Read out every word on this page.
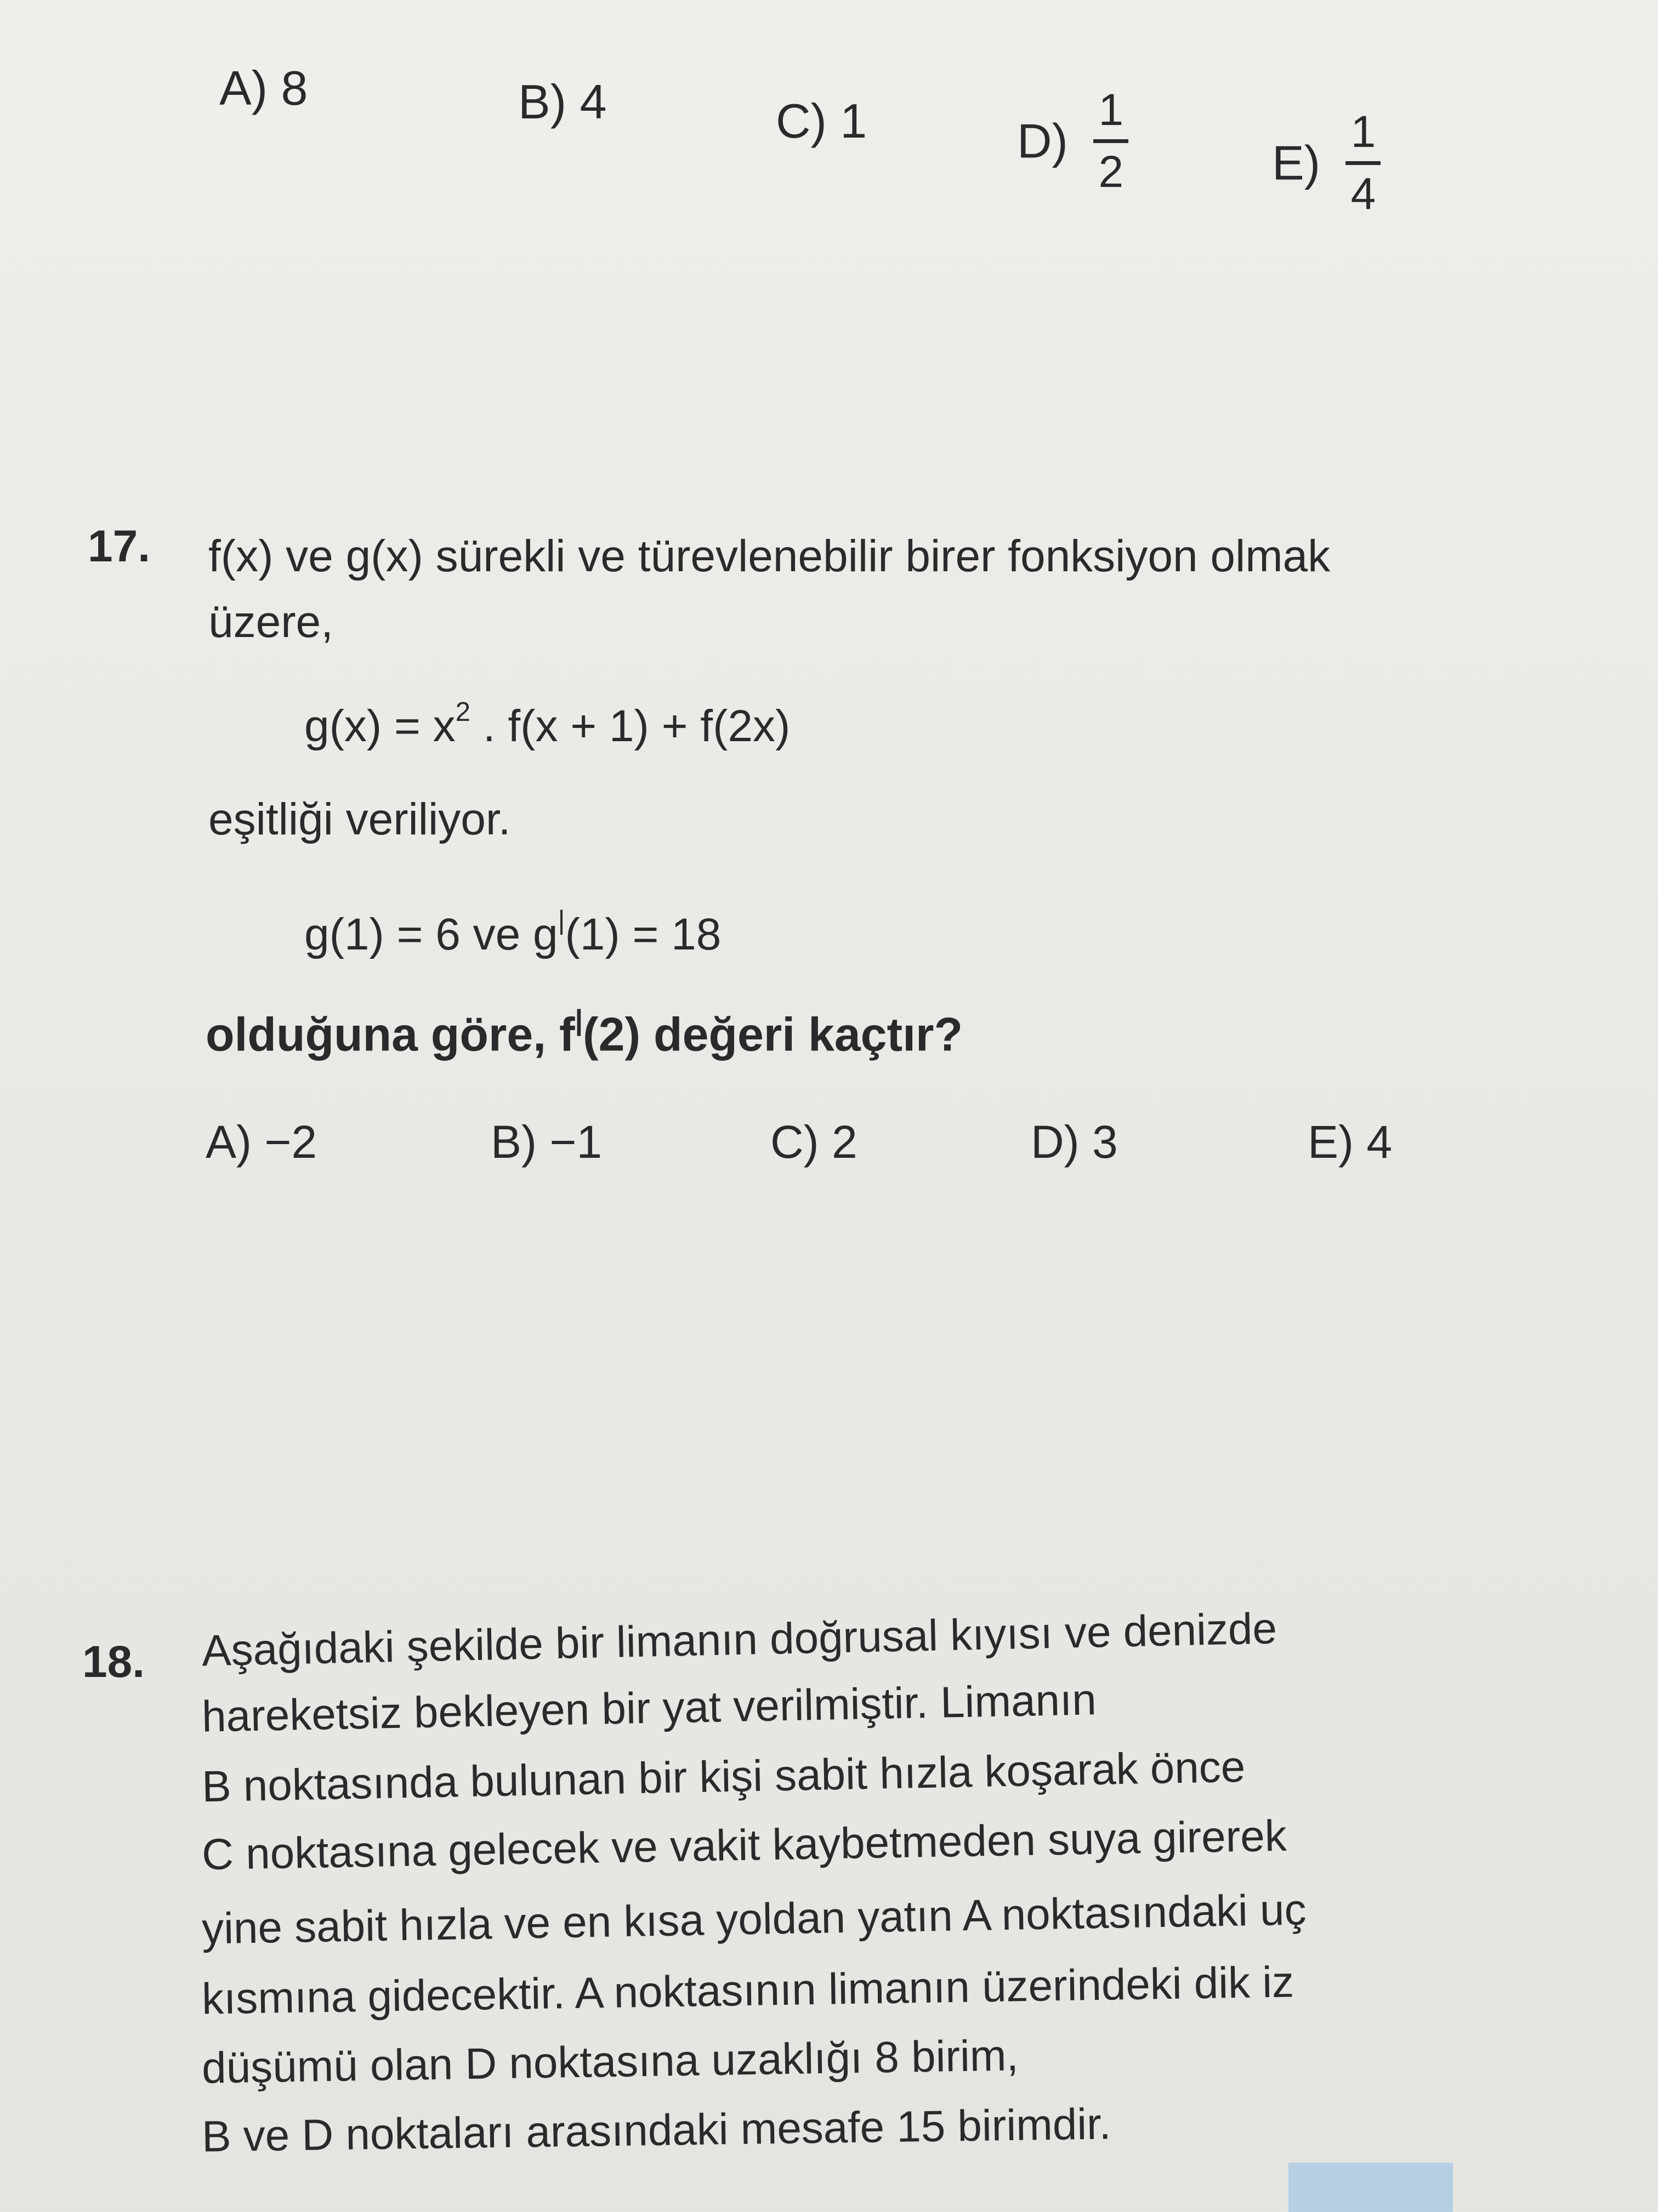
A) 8	B) 4	C) 1	D)
1
2	E)
1
4
17. f(x) ve g(x) sürekli ve türevlenebilir birer fonksiyon olmak
üzere,
$g(x) = x^2$ . f(x + 1) + f(2x)
eşitliği veriliyor.
g(1) = 6 ve g|(1) = 18
olduğuna göre, f|(2) değeri kaçtır?
A) −2	B) −1	C) 2	D) 3	E) 4
18. Aşağıdaki şekilde bir limanın doğrusal kıyısı ve denizde
hareketsiz bekleyen bir yat verilmiştir. Limanın
B noktasında bulunan bir kişi sabit hızla koşarak önce
C noktasına gelecek ve vakit kaybetmeden suya girerek
yine sabit hızla ve en kısa yoldan yatın A noktasındaki uç
kısmına gidecektir. A noktasının limanın üzerindeki dik iz
düşümü olan D noktasına uzaklığı 8 birim,
B ve D noktaları arasındaki mesafe 15 birimdir.
